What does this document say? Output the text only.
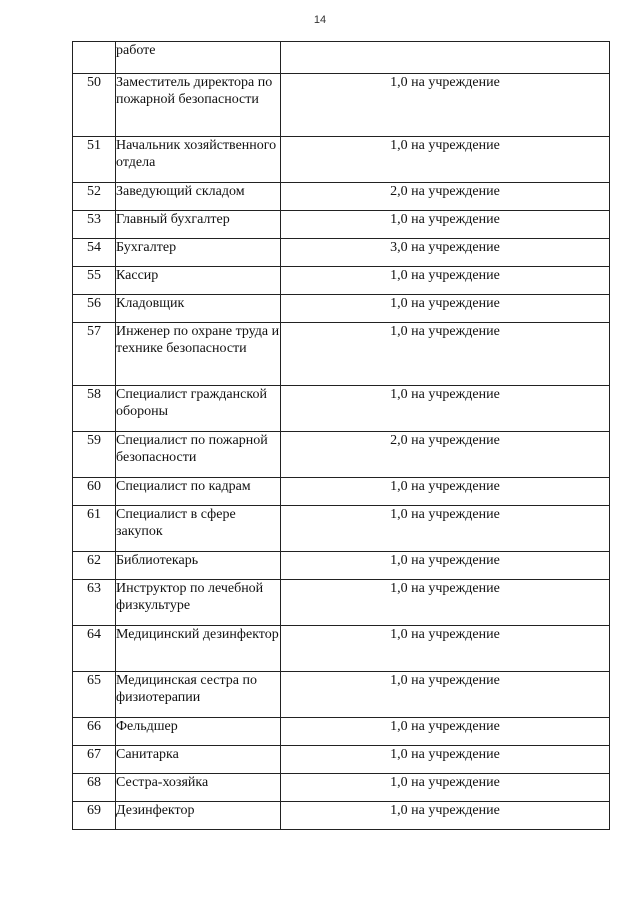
14
	работе	
50	Заместитель директора по пожарной безопасности	1,0 на учреждение
51	Начальник хозяйственного отдела	1,0 на учреждение
52	Заведующий складом	2,0 на учреждение
53	Главный бухгалтер	1,0 на учреждение
54	Бухгалтер	3,0 на учреждение
55	Кассир	1,0 на учреждение
56	Кладовщик	1,0 на учреждение
57	Инженер по охране труда и технике безопасности	1,0 на учреждение
58	Специалист гражданской обороны	1,0 на учреждение
59	Специалист по пожарной безопасности	2,0 на учреждение
60	Специалист по кадрам	1,0 на учреждение
61	Специалист в сфере закупок	1,0 на учреждение
62	Библиотекарь	1,0 на учреждение
63	Инструктор по лечебной физкультуре	1,0 на учреждение
64	Медицинский дезинфектор	1,0 на учреждение
65	Медицинская сестра по физиотерапии	1,0 на учреждение
66	Фельдшер	1,0 на учреждение
67	Санитарка	1,0 на учреждение
68	Сестра-хозяйка	1,0 на учреждение
69	Дезинфектор	1,0 на учреждение
